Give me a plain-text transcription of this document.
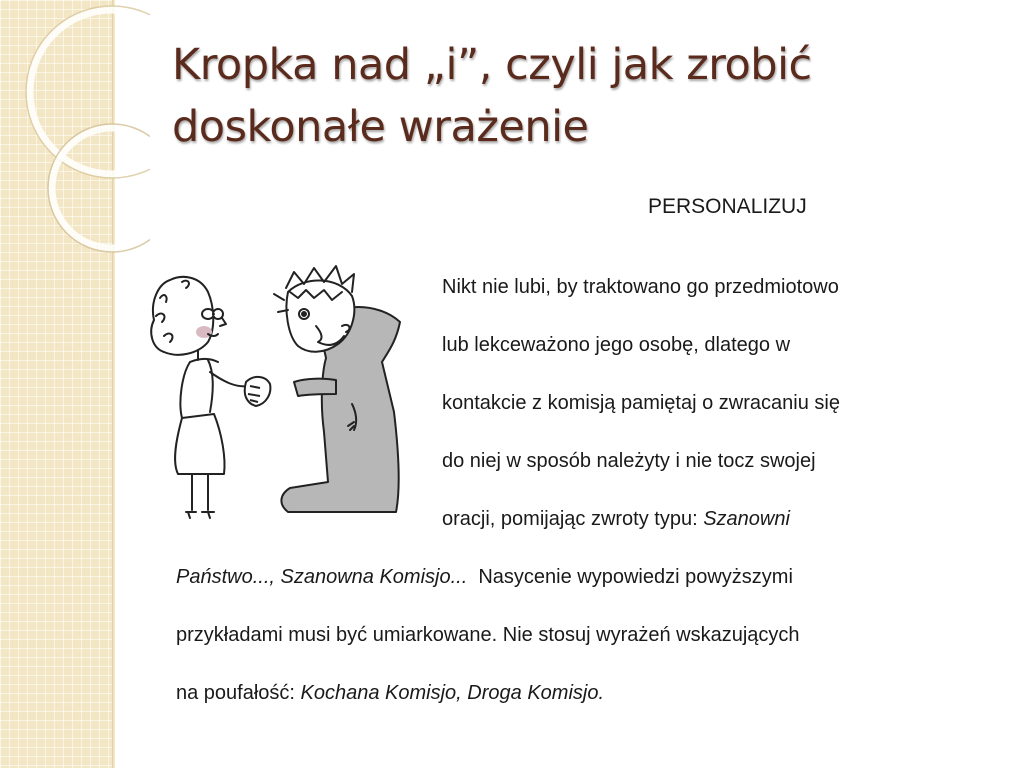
Kropka nad „i”, czyli jak zrobić
doskonałe wrażenie
PERSONALIZUJ
Nikt nie lubi, by traktowano go przedmiotowo
lub lekceważono jego osobę, dlatego w
kontakcie z komisją pamiętaj o zwracaniu się
do niej w sposób należyty i nie tocz swojej
oracji, pomijając zwroty typu: Szanowni
Państwo..., Szanowna Komisjo...  Nasycenie wypowiedzi powyższymi
przykładami musi być umiarkowane. Nie stosuj wyrażeń wskazujących
na poufałość: Kochana Komisjo, Droga Komisjo.
